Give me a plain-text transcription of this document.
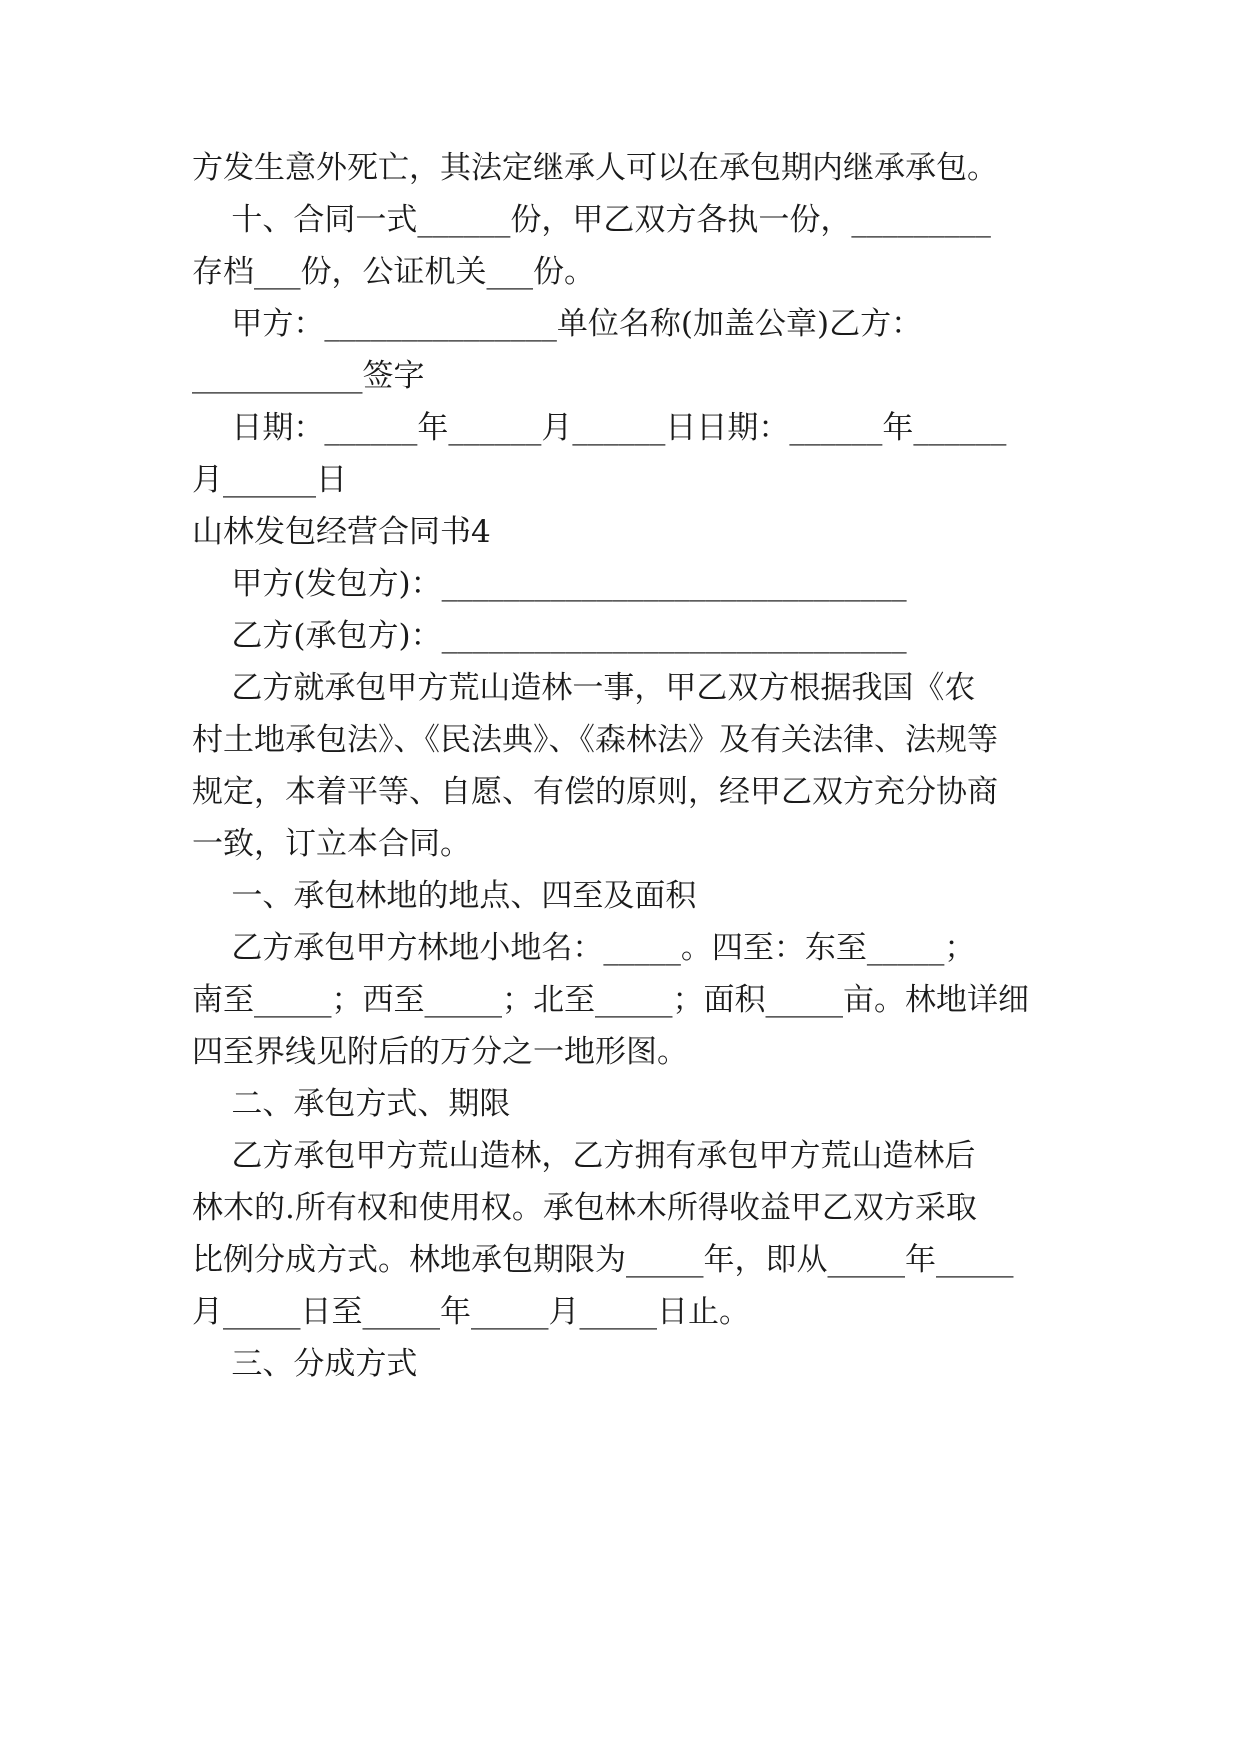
方发生意外死亡，其法定继承人可以在承包期内继承承包。
十、合同一式______份，甲乙双方各执一份，_________
存档___份，公证机关___份。
甲方：_______________单位名称(加盖公章)乙方：
___________签字
日期：______年______月______日日期：______年______
月______日
山林发包经营合同书4
甲方(发包方)：______________________________
乙方(承包方)：______________________________
乙方就承包甲方荒山造林一事，甲乙双方根据我国《农
村土地承包法》、《民法典》、《森林法》及有关法律、法规等
规定，本着平等、自愿、有偿的原则，经甲乙双方充分协商
一致，订立本合同。
一、承包林地的地点、四至及面积
乙方承包甲方林地小地名：_____。四至：东至_____；
南至_____；西至_____；北至_____；面积_____亩。林地详细
四至界线见附后的万分之一地形图。
二、承包方式、期限
乙方承包甲方荒山造林，乙方拥有承包甲方荒山造林后
林木的.所有权和使用权。承包林木所得收益甲乙双方采取
比例分成方式。林地承包期限为_____年，即从_____年_____
月_____日至_____年_____月_____日止。
三、分成方式
